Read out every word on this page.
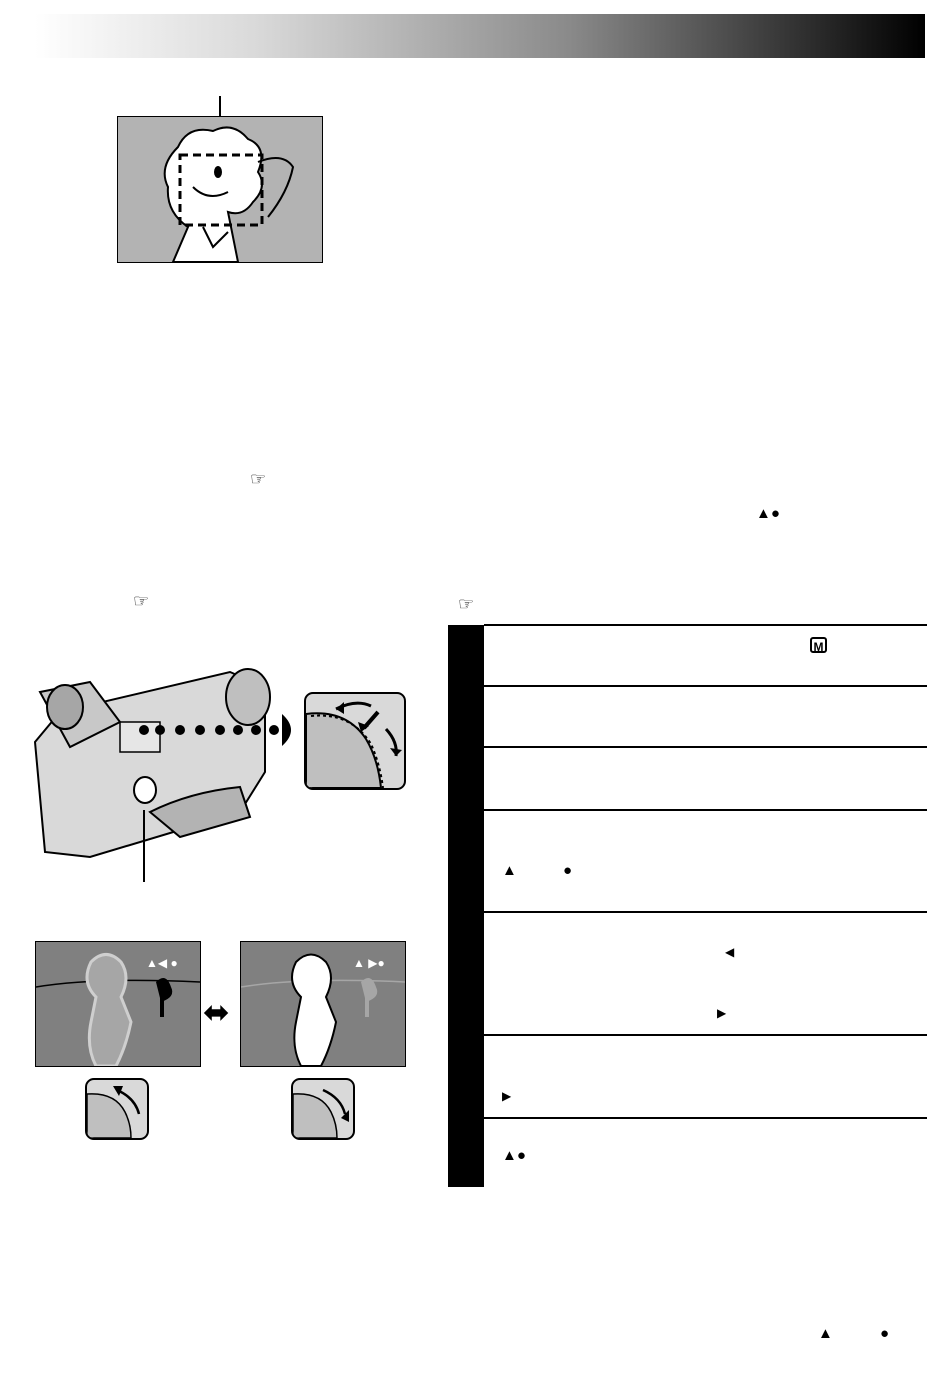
☞
☞	☞
▲●
▲◀ ●
⬌
▲ ▶●
M
▲	●
◀
▶
▶
▲●
▲	●
